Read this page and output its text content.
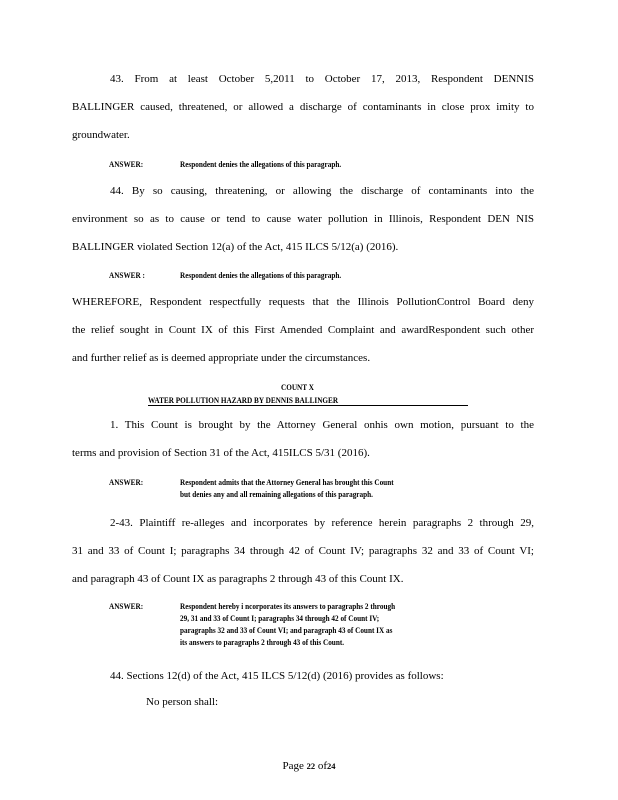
43. From at least October 5,2011 to October 17, 2013, Respondent DENNIS
BALLINGER caused, threatened, or allowed a discharge of contaminants in close prox imity to
groundwater.
ANSWER:	Respondent denies the allegations of this paragraph.
44. By so causing, threatening, or allowing the discharge of contaminants into the
environment so as to cause or tend to cause water pollution in Illinois, Respondent DEN NIS
BALLINGER violated Section 12(a) of the Act, 415 ILCS 5/12(a) (2016).
ANSWER :	Respondent denies the allegations of this paragraph.
WHEREFORE, Respondent respectfully requests that the Illinois PollutionControl Board deny
the relief sought in Count IX of this First Amended Complaint and awardRespondent such other
and further relief as is deemed appropriate under the circumstances.
COUNT X
WATER POLLUTION HAZARD BY DENNIS BALLINGER
1. This Count is brought by the Attorney General onhis own motion, pursuant to the
terms and provision of Section 31 of the Act, 415ILCS 5/31 (2016).
ANSWER:	Respondent admits that the Attorney General has brought this Count
but denies any and all remaining allegations of this paragraph.
2-43. Plaintiff re-alleges and incorporates by reference herein paragraphs 2 through 29,
31 and 33 of Count I; paragraphs 34 through 42 of Count IV; paragraphs 32 and 33 of Count VI;
and paragraph 43 of Count IX as paragraphs 2 through 43 of this Count IX.
ANSWER:	Respondent hereby i ncorporates its answers to paragraphs 2 through
29, 31 and 33 of Count I; paragraphs 34 through 42 of Count IV;
paragraphs 32 and 33 of Count VI; and paragraph 43 of Count IX as
its answers to paragraphs 2 through 43 of this Count.
44. Sections 12(d) of the Act, 415 ILCS 5/12(d) (2016) provides as follows:
No person shall:
Page 22 of24
